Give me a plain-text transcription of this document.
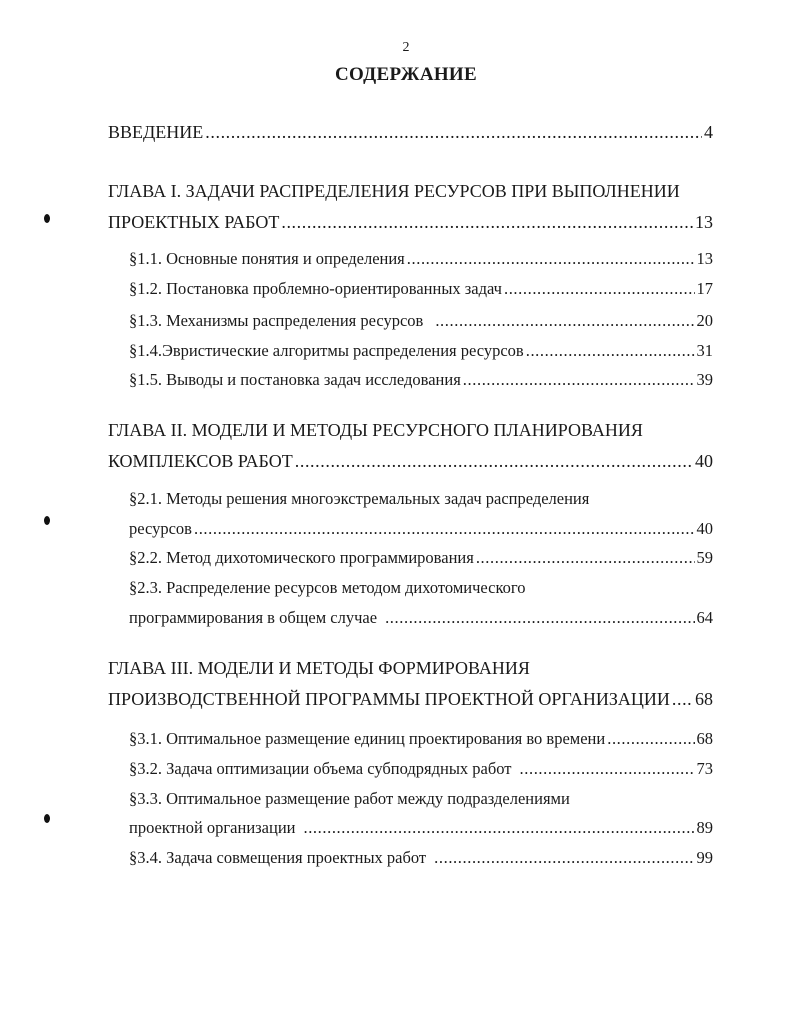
2
СОДЕРЖАНИЕ
ВВЕДЕНИЕ .....	4
ГЛАВА I. ЗАДАЧИ РАСПРЕДЕЛЕНИЯ РЕСУРСОВ ПРИ ВЫПОЛНЕНИИ
ПРОЕКТНЫХ РАБОТ .....	13
§1.1. Основные понятия и определения .....	13
§1.2. Постановка проблемно-ориентированных задач .....	17
§1.3. Механизмы распределения ресурсов .....	20
§1.4.Эвристические алгоритмы распределения ресурсов .....	31
§1.5. Выводы и постановка задач исследования .....	39
ГЛАВА II. МОДЕЛИ И МЕТОДЫ РЕСУРСНОГО ПЛАНИРОВАНИЯ
КОМПЛЕКСОВ РАБОТ .....	40
§2.1. Методы решения многоэкстремальных задач распределения
ресурсов .....	40
§2.2. Метод дихотомического программирования .....	59
§2.3. Распределение ресурсов методом дихотомического
программирования в общем случае .....	64
ГЛАВА III. МОДЕЛИ И МЕТОДЫ ФОРМИРОВАНИЯ
ПРОИЗВОДСТВЕННОЙ ПРОГРАММЫ ПРОЕКТНОЙ ОРГАНИЗАЦИИ ..... 68
§3.1. Оптимальное размещение единиц проектирования во времени .....	68
§3.2. Задача оптимизации объема субподрядных работ .....	73
§3.3. Оптимальное размещение работ между подразделениями
проектной организации .....	89
§3.4. Задача совмещения проектных работ .....	99
